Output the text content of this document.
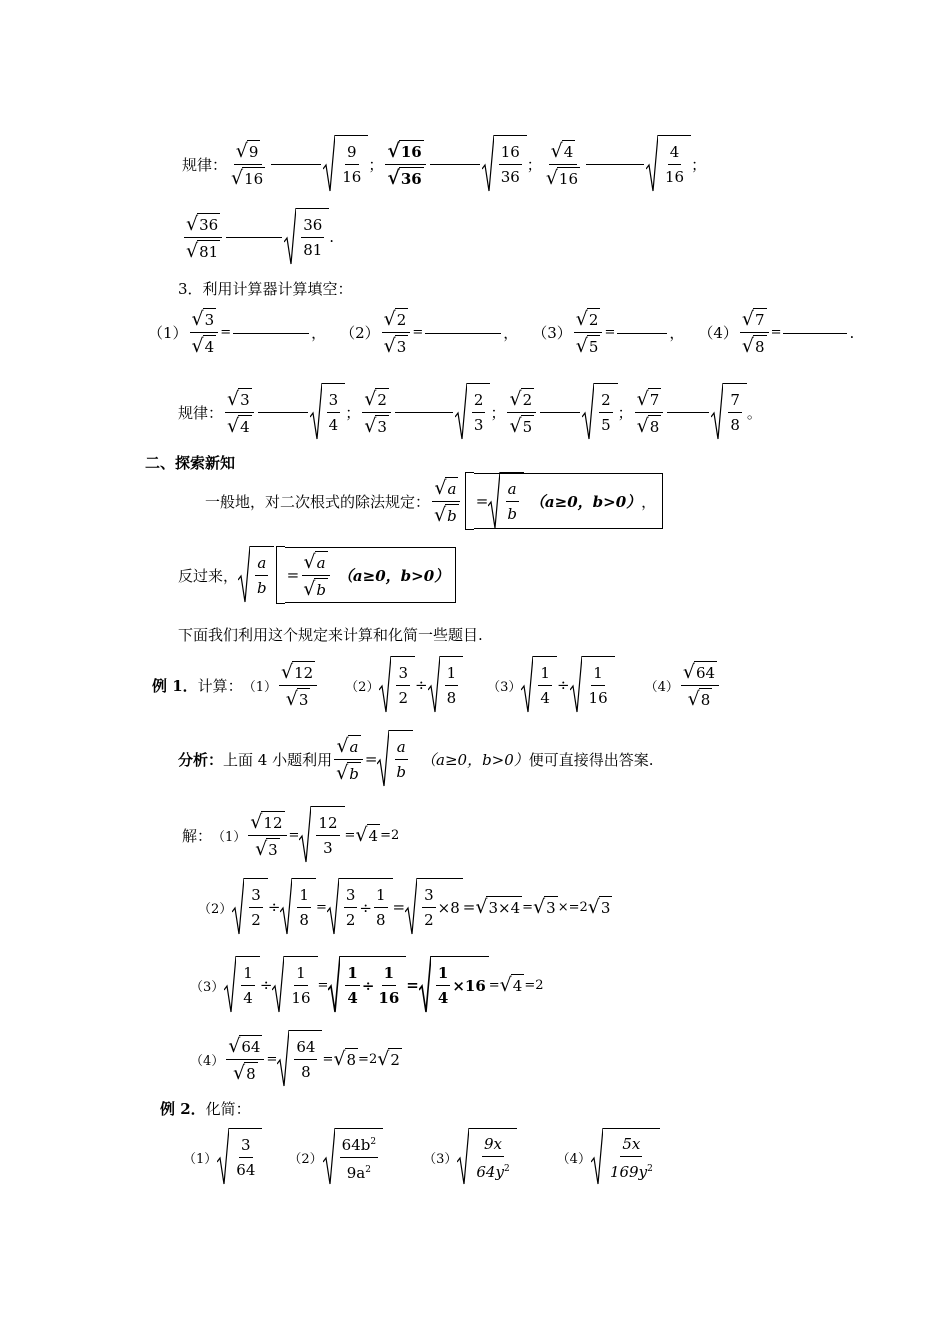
规律： $\frac{√ 9}{√ 16}$	$\frac{9}{16}$ ； $\frac{√ 16}{√ 36}$	$\frac{16}{36}$ ； $\frac{√ 4}{√ 16}$	$\frac{4}{16}$ ；
$\frac{√ 36}{√ 81}$	$\frac{36}{81}$ .
3．利用计算器计算填空：
$(1) \frac{√ 3}{√ 4}$ =	， $(2) \frac{√ 2}{√ 3}$ =	， $(3) \frac{√ 2}{√ 5}$ =	， $(4) \frac{√ 7}{√ 8}$ =	.
规律： $\frac{√ 3}{√ 4}$	$\frac{3}{4}$ ； $\frac{√ 2}{√ 3}$	$\frac{2}{3}$ ； $\frac{√ 2}{√ 5}$	$\frac{2}{5}$ ； $\frac{√ 7}{√ 8}$	$\frac{7}{8}$ 。
二、探索新知
一般地，对二次根式的除法规定： $\frac{√ a}{√ b} = \frac{a}{b} (a\ge 0$，b>0） ，
反过来， $\frac{a}{b} = \frac{√ a}{√ b} (a\ge 0$，b>0）
下面我们利用这个规定来计算和化简一些题目.
例 1． 计算： $(1) \frac{√ 12}{√ 3} (2) \frac{3}{2} \div \frac{1}{8} (3) \frac{1}{4} \div \frac{1}{16}$	$(4) \frac{√ 64}{√ 8}$
分析： 上面 4 小题利用 $\frac{√ a}{√ b} = \frac{a}{b} (a\ge 0$，b>0） 便可直接得出答案.
解： $(1) \frac{√ 12}{√ 3} = \frac{12}{3}$ = √ 4 =2
$(2) \frac{3}{2} \div \frac{1}{8} = \frac{3}{2} \div \frac{1}{8} = \frac{3}{2} \times 8$ = √ 3×4 = √ 3 × =2 √ 3
$(3) \frac{1}{4} \div \frac{1}{16} = \frac{1}{4} \div \frac{1}{16} = \frac{1}{4} \times 16$ = √ 4 =2
$(4) \frac{√ 64}{√ 8} = \frac{64}{8}$ = √ 8 =2 √ 2
例 2． 化简：
$(1) \frac{3}{64} (2) \frac{64b^2}{9a^2}$	$(3) \frac{9x}{64y^2}$	$(4) \frac{5x}{169y^2}$
